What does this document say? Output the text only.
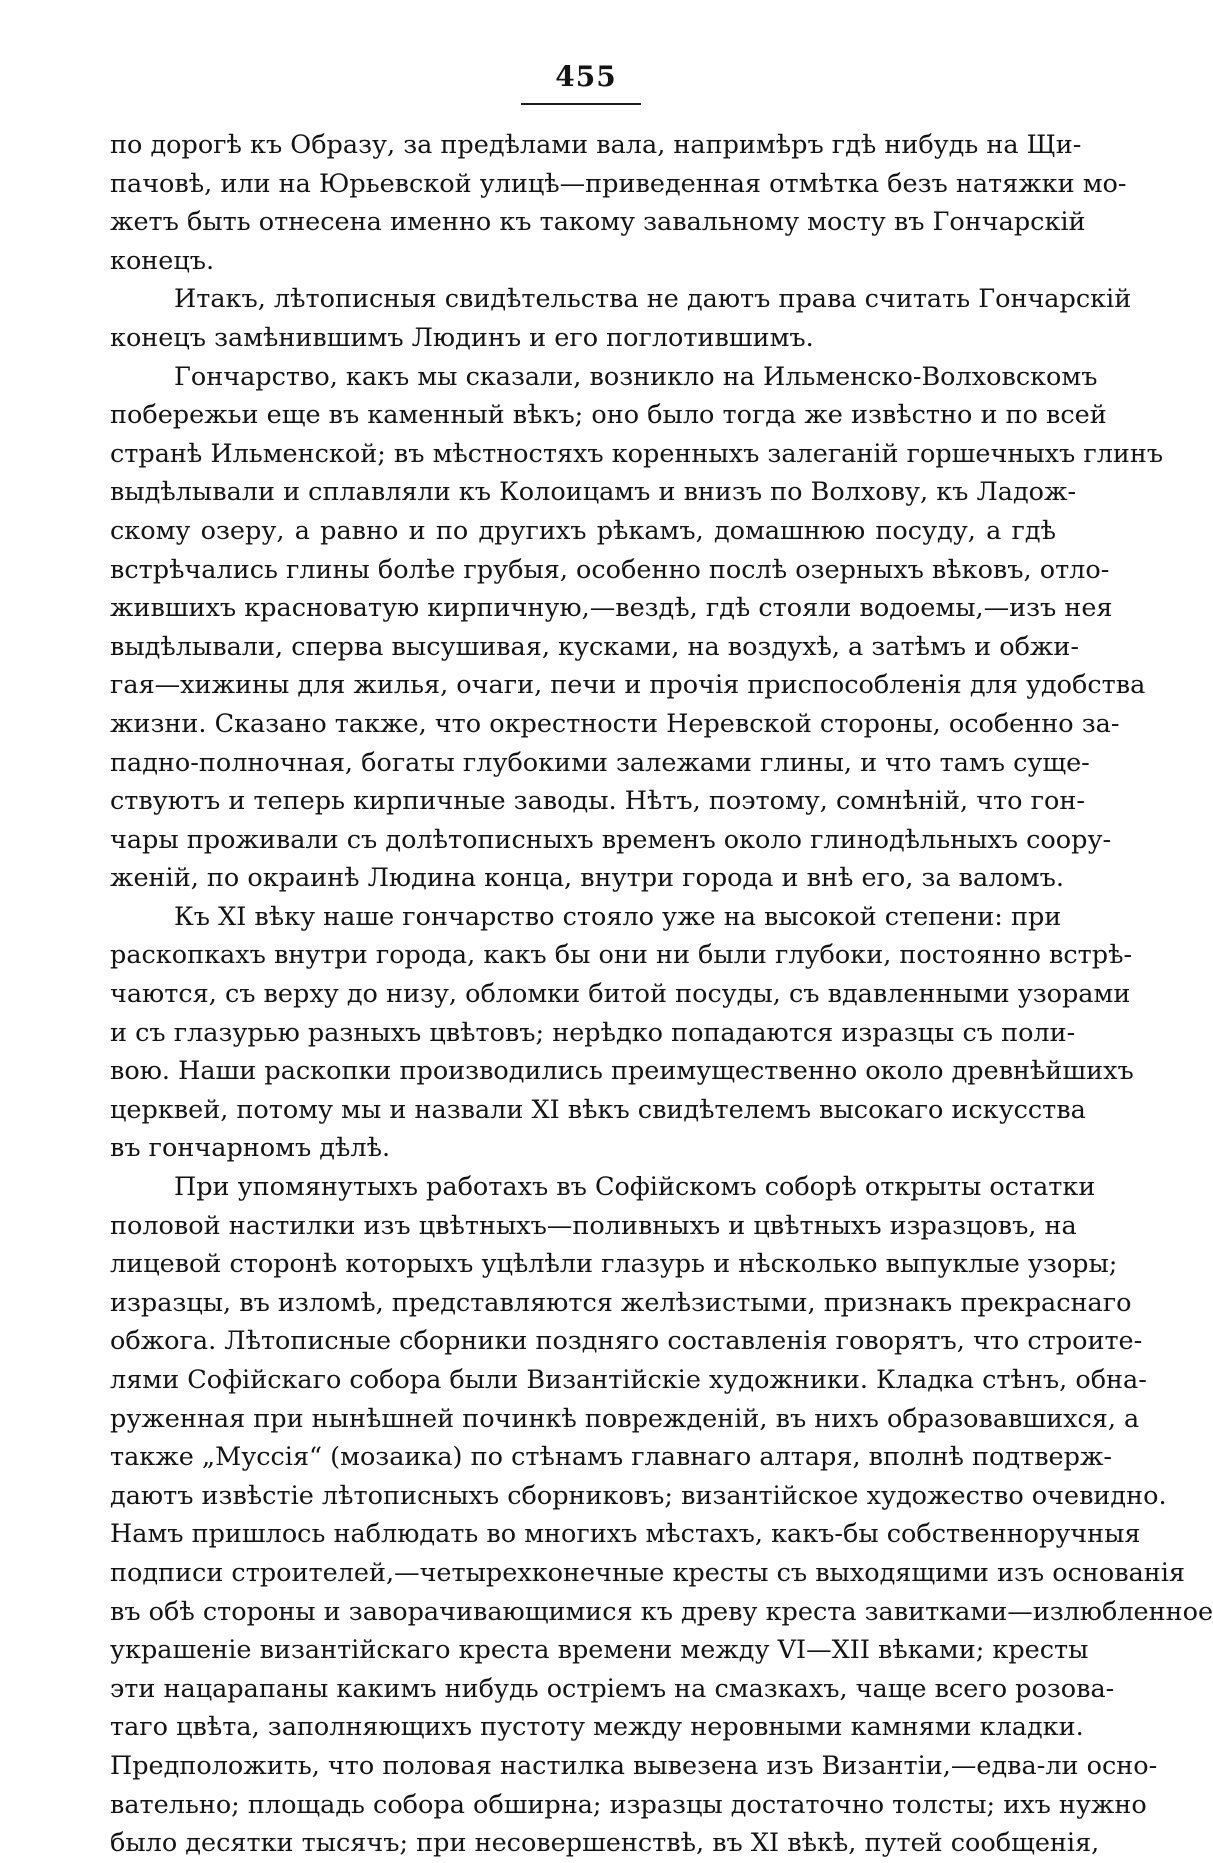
455
по дорогѣ къ Образу, за предѣлами вала, напримѣръ гдѣ нибудь на Щи-
пачовѣ, или на Юрьевской улицѣ—приведенная отмѣтка безъ натяжки мо-
жетъ быть отнесена именно къ такому завальному мосту въ Гончарскій
конецъ.
Итакъ, лѣтописныя свидѣтельства не даютъ права считать Гончарскій
конецъ замѣнившимъ Людинъ и его поглотившимъ.
Гончарство, какъ мы сказали, возникло на Ильменско-Волховскомъ
побережьи еще въ каменный вѣкъ; оно было тогда же извѣстно и по всей
странѣ Ильменской; въ мѣстностяхъ коренныхъ залеганій горшечныхъ глинъ
выдѣлывали и сплавляли къ Колоицамъ и внизъ по Волхову, къ Ладож-
скому озеру, а равно и по другихъ рѣкамъ, домашнюю посуду, а гдѣ
встрѣчались глины болѣе грубыя, особенно послѣ озерныхъ вѣковъ, отло-
жившихъ красноватую кирпичную,—вездѣ, гдѣ стояли водоемы,—изъ нея
выдѣлывали, сперва высушивая, кусками, на воздухѣ, а затѣмъ и обжи-
гая—хижины для жилья, очаги, печи и прочія приспособленія для удобства
жизни. Сказано также, что окрестности Неревской стороны, особенно за-
падно-полночная, богаты глубокими залежами глины, и что тамъ суще-
ствуютъ и теперь кирпичные заводы. Нѣтъ, поэтому, сомнѣній, что гон-
чары проживали съ долѣтописныхъ временъ около глинодѣльныхъ соору-
женій, по окраинѣ Людина конца, внутри города и внѣ его, за валомъ.
Къ XI вѣку наше гончарство стояло уже на высокой степени: при
раскопкахъ внутри города, какъ бы они ни были глубоки, постоянно встрѣ-
чаются, съ верху до низу, обломки битой посуды, съ вдавленными узорами
и съ глазурью разныхъ цвѣтовъ; нерѣдко попадаются изразцы съ поли-
вою. Наши раскопки производились преимущественно около древнѣйшихъ
церквей, потому мы и назвали XI вѣкъ свидѣтелемъ высокаго искусства
въ гончарномъ дѣлѣ.
При упомянутыхъ работахъ въ Софійскомъ соборѣ открыты остатки
половой настилки изъ цвѣтныхъ—поливныхъ и цвѣтныхъ изразцовъ, на
лицевой сторонѣ которыхъ уцѣлѣли глазурь и нѣсколько выпуклые узоры;
изразцы, въ изломѣ, представляются желѣзистыми, признакъ прекраснаго
обжога. Лѣтописные сборники поздняго составленія говорятъ, что строите-
лями Софійскаго собора были Византійскіе художники. Кладка стѣнъ, обна-
руженная при нынѣшней починкѣ поврежденій, въ нихъ образовавшихся, а
также „Муссія“ (мозаика) по стѣнамъ главнаго алтаря, вполнѣ подтверж-
даютъ извѣстіе лѣтописныхъ сборниковъ; византійское художество очевидно.
Намъ пришлось наблюдать во многихъ мѣстахъ, какъ-бы собственноручныя
подписи строителей,—четырехконечные кресты съ выходящими изъ основанія
въ обѣ стороны и заворачивающимися къ древу креста завитками—излюбленное
украшеніе византійскаго креста времени между VI—XII вѣками; кресты
эти нацарапаны какимъ нибудь остріемъ на смазкахъ, чаще всего розова-
таго цвѣта, заполняющихъ пустоту между неровными камнями кладки.
Предположить, что половая настилка вывезена изъ Византіи,—едва-ли осно-
вательно; площадь собора обширна; изразцы достаточно толсты; ихъ нужно
было десятки тысячъ; при несовершенствѣ, въ XI вѣкѣ, путей сообщенія,
